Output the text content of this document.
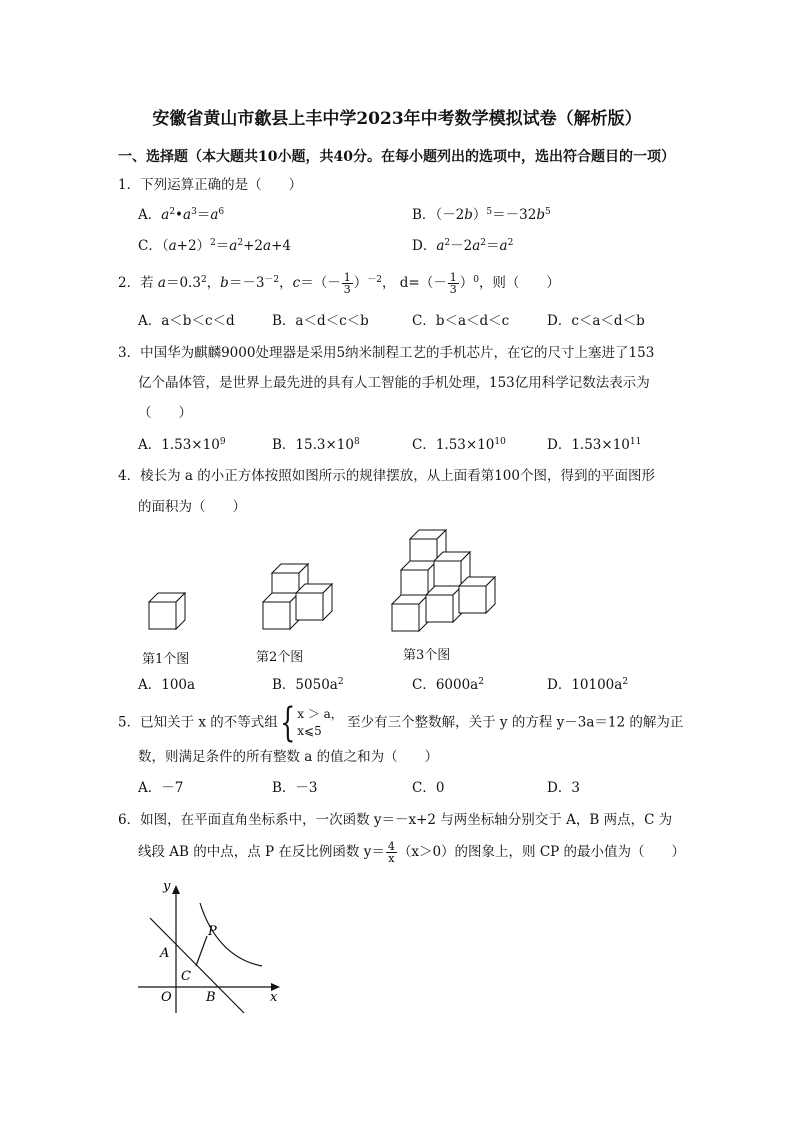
安徽省黄山市歙县上丰中学2023年中考数学模拟试卷（解析版）
一、选择题（本大题共10小题，共40分。在每小题列出的选项中，选出符合题目的一项）
1．下列运算正确的是（　　）
A．$a^2•a^3=a^6$	B．$(-2b)^5=-32b^5$
C．$(a+2)^2=a^2+2a+4$	D．$a^2-2a^2=a^2$
2．若 $a=0.3^2$，$b=-3^{-2}$，$c=(- \frac{1}{3} )^{-2}$， $d=(- \frac{1}{3} )^0$，则（　　）
A．a＜b＜c＜d	B．a＜d＜c＜b	C．b＜a＜d＜c	D．c＜a＜d＜b
3．中国华为麒麟9000处理器是采用5纳米制程工艺的手机芯片，在它的尺寸上塞进了153
亿个晶体管，是世界上最先进的具有人工智能的手机处理，153亿用科学记数法表示为
（　　）
A．$1.53\times 10^9$	B．$15.3\times 10^8$	C．$1.53\times 10^{10}$	D．$1.53\times 10^{11}$
4．棱长为 a 的小正方体按照如图所示的规律摆放，从上面看第100个图，得到的平面图形
的面积为（　　）
第1个图	第2个图	第3个图
A．100a	B．$5050a^2$	C．$6000a^2$	D．$10100a^2$
5．已知关于 x 的不等式组{ x ＞ a，
x⩽5 至少有三个整数解，关于 y 的方程 y－3a＝12 的解为正
数，则满足条件的所有整数 a 的值之和为（　　）
A．－7	B．－3	C．0	D．3
6．如图，在平面直角坐标系中，一次函数 y＝－x+2 与两坐标轴分别交于 A，B 两点，C 为
线段 AB 的中点，点 P 在反比例函数 $y= \frac{4}{x} (x>0)$的图象上，则 CP 的最小值为（　　）
y
x
O
A
B
C
P
